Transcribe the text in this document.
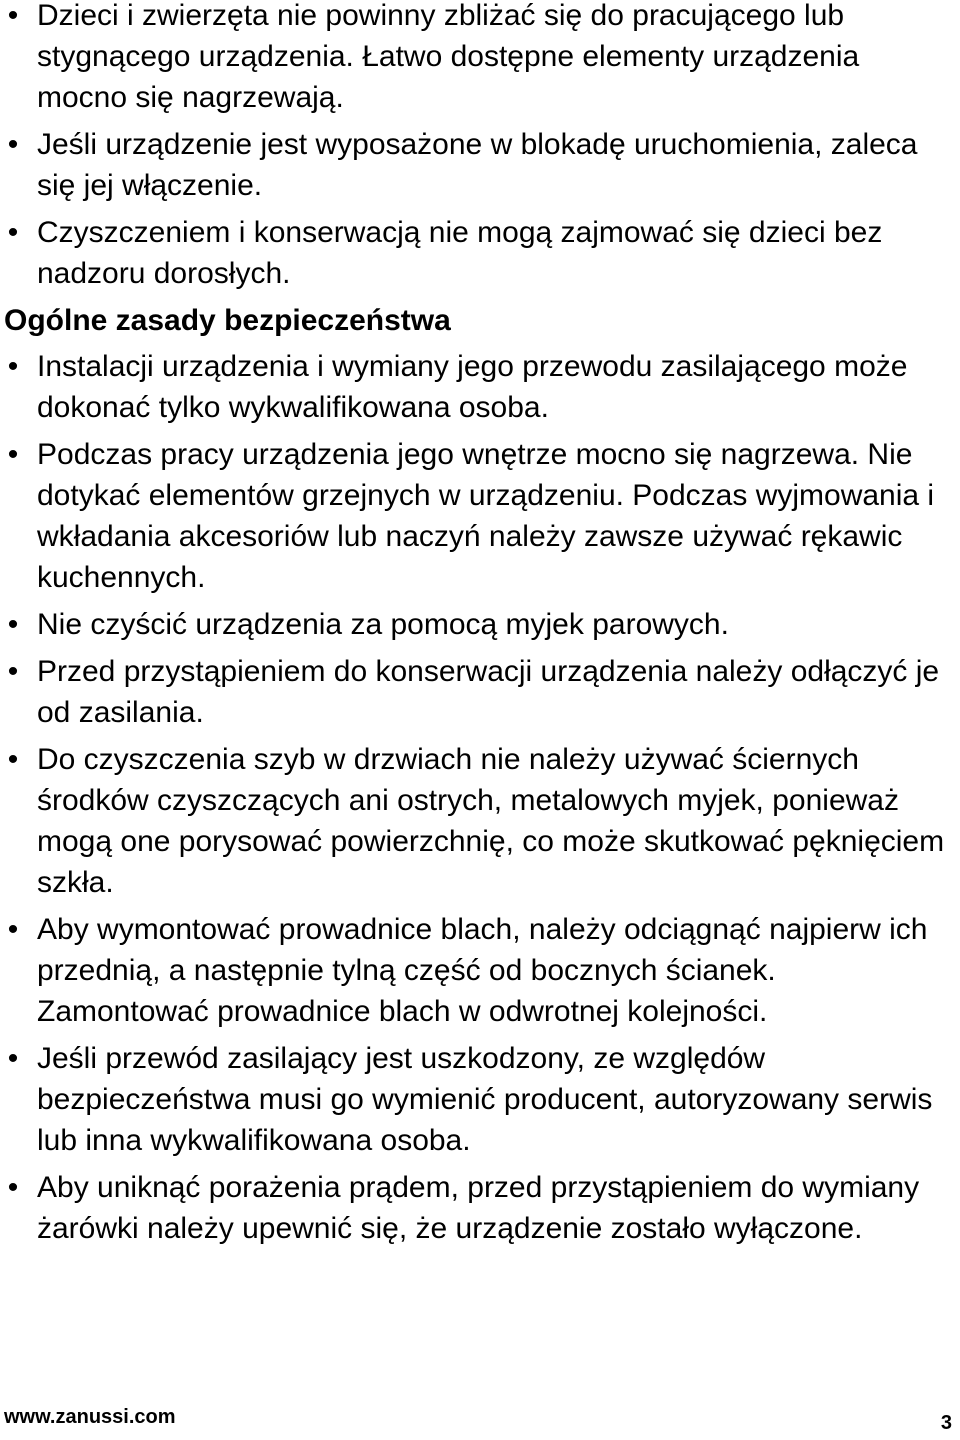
• Dzieci i zwierzęta nie powinny zbliżać się do pracującego lub stygnącego urządzenia. Łatwo dostępne elementy urządzenia mocno się nagrzewają.
• Jeśli urządzenie jest wyposażone w blokadę uruchomienia, zaleca się jej włączenie.
• Czyszczeniem i konserwacją nie mogą zajmować się dzieci bez nadzoru dorosłych.
Ogólne zasady bezpieczeństwa
• Instalacji urządzenia i wymiany jego przewodu zasilającego może dokonać tylko wykwalifikowana osoba.
• Podczas pracy urządzenia jego wnętrze mocno się nagrzewa. Nie dotykać elementów grzejnych w urządzeniu. Podczas wyjmowania i wkładania akcesoriów lub naczyń należy zawsze używać rękawic kuchennych.
• Nie czyścić urządzenia za pomocą myjek parowych.
• Przed przystąpieniem do konserwacji urządzenia należy odłączyć je od zasilania.
• Do czyszczenia szyb w drzwiach nie należy używać ściernych środków czyszczących ani ostrych, metalowych myjek, ponieważ mogą one porysować powierzchnię, co może skutkować pęknięciem szkła.
• Aby wymontować prowadnice blach, należy odciągnąć najpierw ich przednią, a następnie tylną część od bocznych ścianek. Zamontować prowadnice blach w odwrotnej kolejności.
• Jeśli przewód zasilający jest uszkodzony, ze względów bezpieczeństwa musi go wymienić producent, autoryzowany serwis lub inna wykwalifikowana osoba.
• Aby uniknąć porażenia prądem, przed przystąpieniem do wymiany żarówki należy upewnić się, że urządzenie zostało wyłączone.
www.zanussi.com	3
